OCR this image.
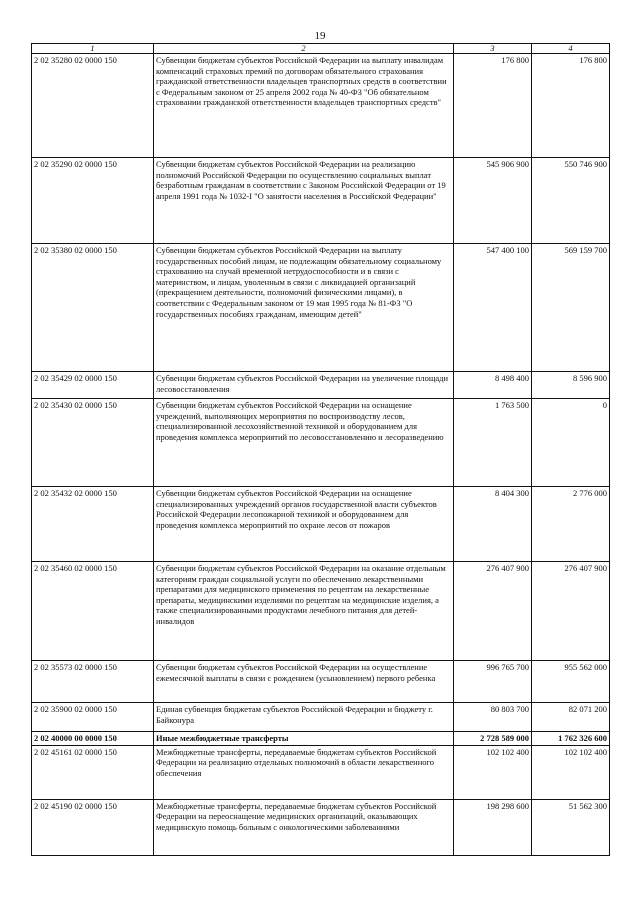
19
1	2	3	4
2 02 35280 02 0000 150	Субвенции бюджетам субъектов Российской Федерации на выплату инвалидам компенсаций страховых премий по договорам обязательного страхования гражданской ответственности владельцев транспортных средств в соответствии с Федеральным законом от 25 апреля 2002 года № 40-ФЗ "Об обязательном страховании гражданской ответственности владельцев транспортных средств"	176 800	176 800
2 02 35290 02 0000 150	Субвенции бюджетам субъектов Российской Федерации на реализацию полномочий Российской Федерации по осуществлению социальных выплат безработным гражданам в соответствии с Законом Российской Федерации от 19 апреля 1991 года № 1032-I "О занятости населения в Российской Федерации"	545 906 900	550 746 900
2 02 35380 02 0000 150	Субвенции бюджетам субъектов Российской Федерации на выплату государственных пособий лицам, не подлежащим обязательному социальному страхованию на случай временной нетрудоспособности и в связи с материнством, и лицам, уволенным в связи с ликвидацией организаций (прекращением деятельности, полномочий физическими лицами), в соответствии с Федеральным законом от 19 мая 1995 года № 81-ФЗ "О государственных пособиях гражданам, имеющим детей"	547 400 100	569 159 700
2 02 35429 02 0000 150	Субвенции бюджетам субъектов Российской Федерации на увеличение площади лесовосстановления	8 498 400	8 596 900
2 02 35430 02 0000 150	Субвенции бюджетам субъектов Российской Федерации на оснащение учреждений, выполняющих мероприятия по воспроизводству лесов, специализированной лесохозяйственной техникой и оборудованием для проведения комплекса мероприятий по лесовосстановлению и лесоразведению	1 763 500	0
2 02 35432 02 0000 150	Субвенции бюджетам субъектов Российской Федерации на оснащение специализированных учреждений органов государственной власти субъектов Российской Федерации лесопожарной техникой и оборудованием для проведения комплекса мероприятий по охране лесов от пожаров	8 404 300	2 776 000
2 02 35460 02 0000 150	Субвенции бюджетам субъектов Российской Федерации на оказание отдельным категориям граждан социальной услуги по обеспечению лекарственными препаратами для медицинского применения по рецептам на лекарственные препараты, медицинскими изделиями по рецептам на медицинские изделия, а также специализированными продуктами лечебного питания для детей-инвалидов	276 407 900	276 407 900
2 02 35573 02 0000 150	Субвенции бюджетам субъектов Российской Федерации на осуществление ежемесячной выплаты в связи с рождением (усыновлением) первого ребенка	996 765 700	955 562 000
2 02 35900 02 0000 150	Единая субвенция бюджетам субъектов Российской Федерации и бюджету г. Байконура	80 803 700	82 071 200
2 02 40000 00 0000 150	Иные межбюджетные трансферты	2 728 589 000	1 762 326 600
2 02 45161 02 0000 150	Межбюджетные трансферты, передаваемые бюджетам субъектов Российской Федерации на реализацию отдельных полномочий в области лекарственного обеспечения	102 102 400	102 102 400
2 02 45190 02 0000 150	Межбюджетные трансферты, передаваемые бюджетам субъектов Российской Федерации на переоснащение медицинских организаций, оказывающих медицинскую помощь больным с онкологическими заболеваниями	198 298 600	51 562 300
